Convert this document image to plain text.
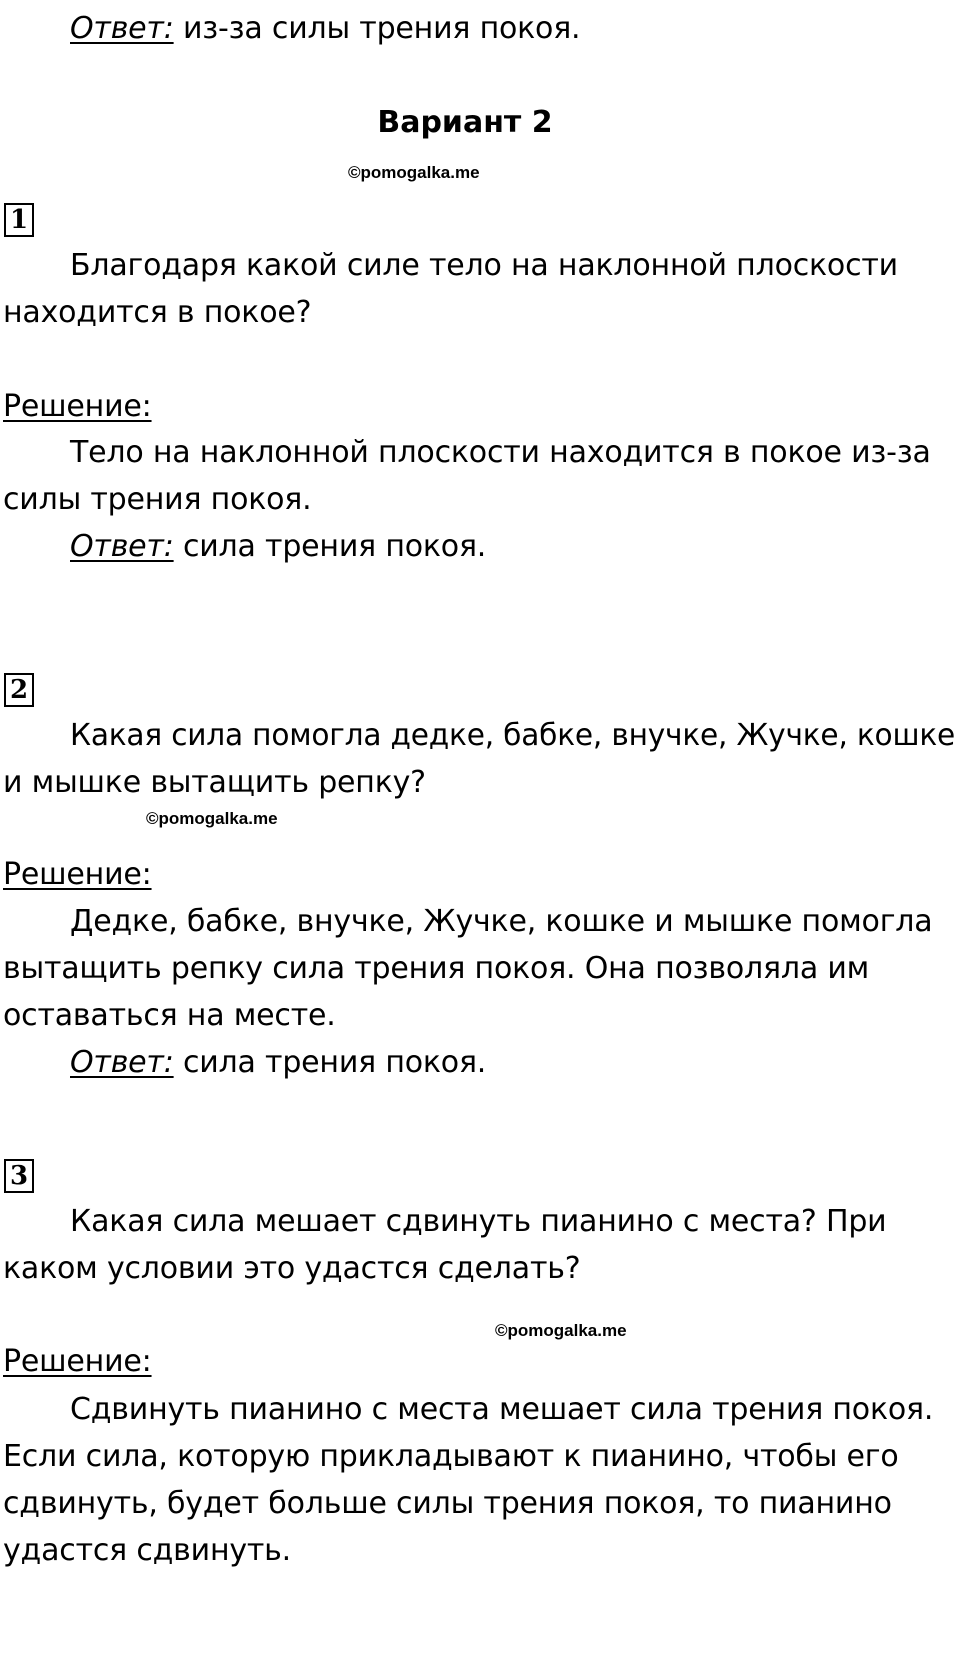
Ответ: из-за силы трения покоя.
Вариант 2
©pomogalka.me
1
Благодаря какой силе тело на наклонной плоскости
находится в покое?
Решение:
Тело на наклонной плоскости находится в покое из-за
силы трения покоя.
Ответ: сила трения покоя.
2
Какая сила помогла дедке, бабке, внучке, Жучке, кошке
и мышке вытащить репку?
©pomogalka.me
Решение:
Дедке, бабке, внучке, Жучке, кошке и мышке помогла
вытащить репку сила трения покоя. Она позволяла им
оставаться на месте.
Ответ: сила трения покоя.
3
Какая сила мешает сдвинуть пианино с места? При
каком условии это удастся сделать?
©pomogalka.me
Решение:
Сдвинуть пианино с места мешает сила трения покоя.
Если сила, которую прикладывают к пианино, чтобы его
сдвинуть, будет больше силы трения покоя, то пианино
удастся сдвинуть.
